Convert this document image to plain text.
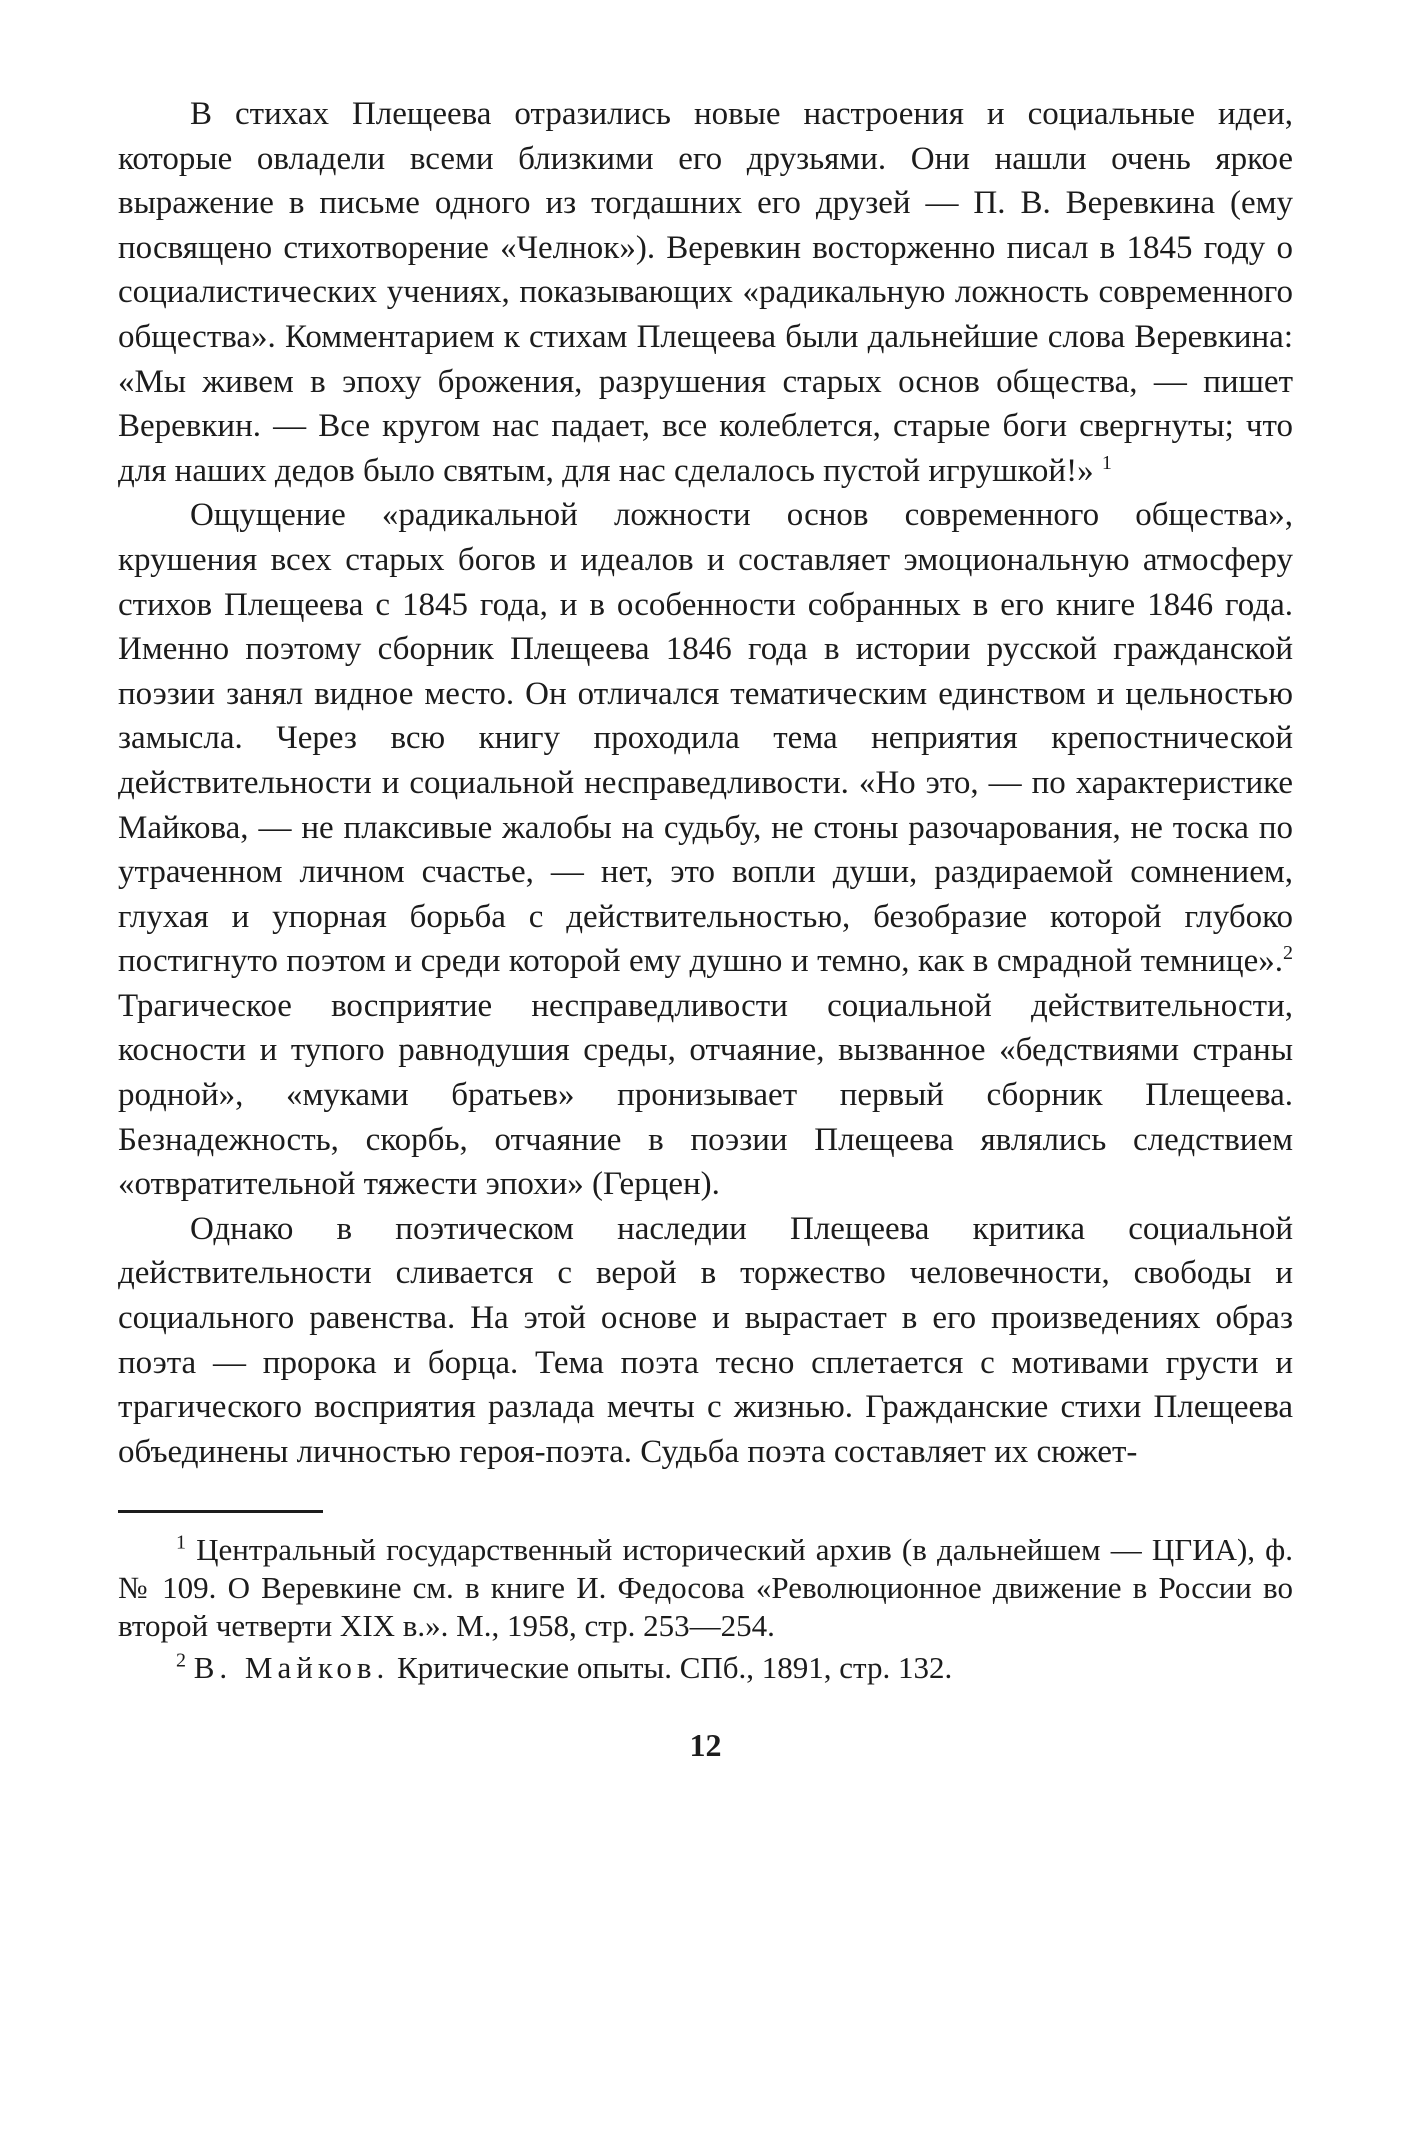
В стихах Плещеева отразились новые настроения и социальные идеи, которые овладели всеми близкими его друзьями. Они нашли очень яркое выражение в письме одного из тогдашних его друзей — П. В. Веревкина (ему посвящено стихотворение «Челнок»). Веревкин восторженно писал в 1845 году о социалистических учениях, показывающих «радикальную ложность современного общества». Комментарием к стихам Плещеева были дальнейшие слова Веревкина: «Мы живем в эпоху брожения, разрушения старых основ общества, — пишет Веревкин. — Все кругом нас падает, все колеблется, старые боги свергнуты; что для наших дедов было святым, для нас сделалось пустой игрушкой!» $^1$

Ощущение «радикальной ложности основ современного общества», крушения всех старых богов и идеалов и составляет эмоциональную атмосферу стихов Плещеева с 1845 года, и в особенности собранных в его книге 1846 года. Именно поэтому сборник Плещеева 1846 года в истории русской гражданской поэзии занял видное место. Он отличался тематическим единством и цельностью замысла. Через всю книгу проходила тема неприятия крепостнической действительности и социальной несправедливости. «Но это, — по характеристике Майкова, — не плаксивые жалобы на судьбу, не стоны разочарования, не тоска по утраченном личном счастье, — нет, это вопли души, раздираемой сомнением, глухая и упорная борьба с действительностью, безобразие которой глубоко постигнуто поэтом и среди которой ему душно и темно, как в смрадной темнице».$^2$ Трагическое восприятие несправедливости социальной действительности, косности и тупого равнодушия среды, отчаяние, вызванное «бедствиями страны родной», «муками братьев» пронизывает первый сборник Плещеева. Безнадежность, скорбь, отчаяние в поэзии Плещеева являлись следствием «отвратительной тяжести эпохи» (Герцен).

Однако в поэтическом наследии Плещеева критика социальной действительности сливается с верой в торжество человечности, свободы и социального равенства. На этой основе и вырастает в его произведениях образ поэта — пророка и борца. Тема поэта тесно сплетается с мотивами грусти и трагического восприятия разлада мечты с жизнью. Гражданские стихи Плещеева объединены личностью героя-поэта. Судьба поэта составляет их сюжет-

$^1$ Центральный государственный исторический архив (в дальнейшем — ЦГИА), ф. № 109. О Веревкине см. в книге И. Федосова «Революционное движение в России во второй четверти XIX в.». М., 1958, стр. 253—254.

$^2$ В. Майков. Критические опыты. СПб., 1891, стр. 132.

12
